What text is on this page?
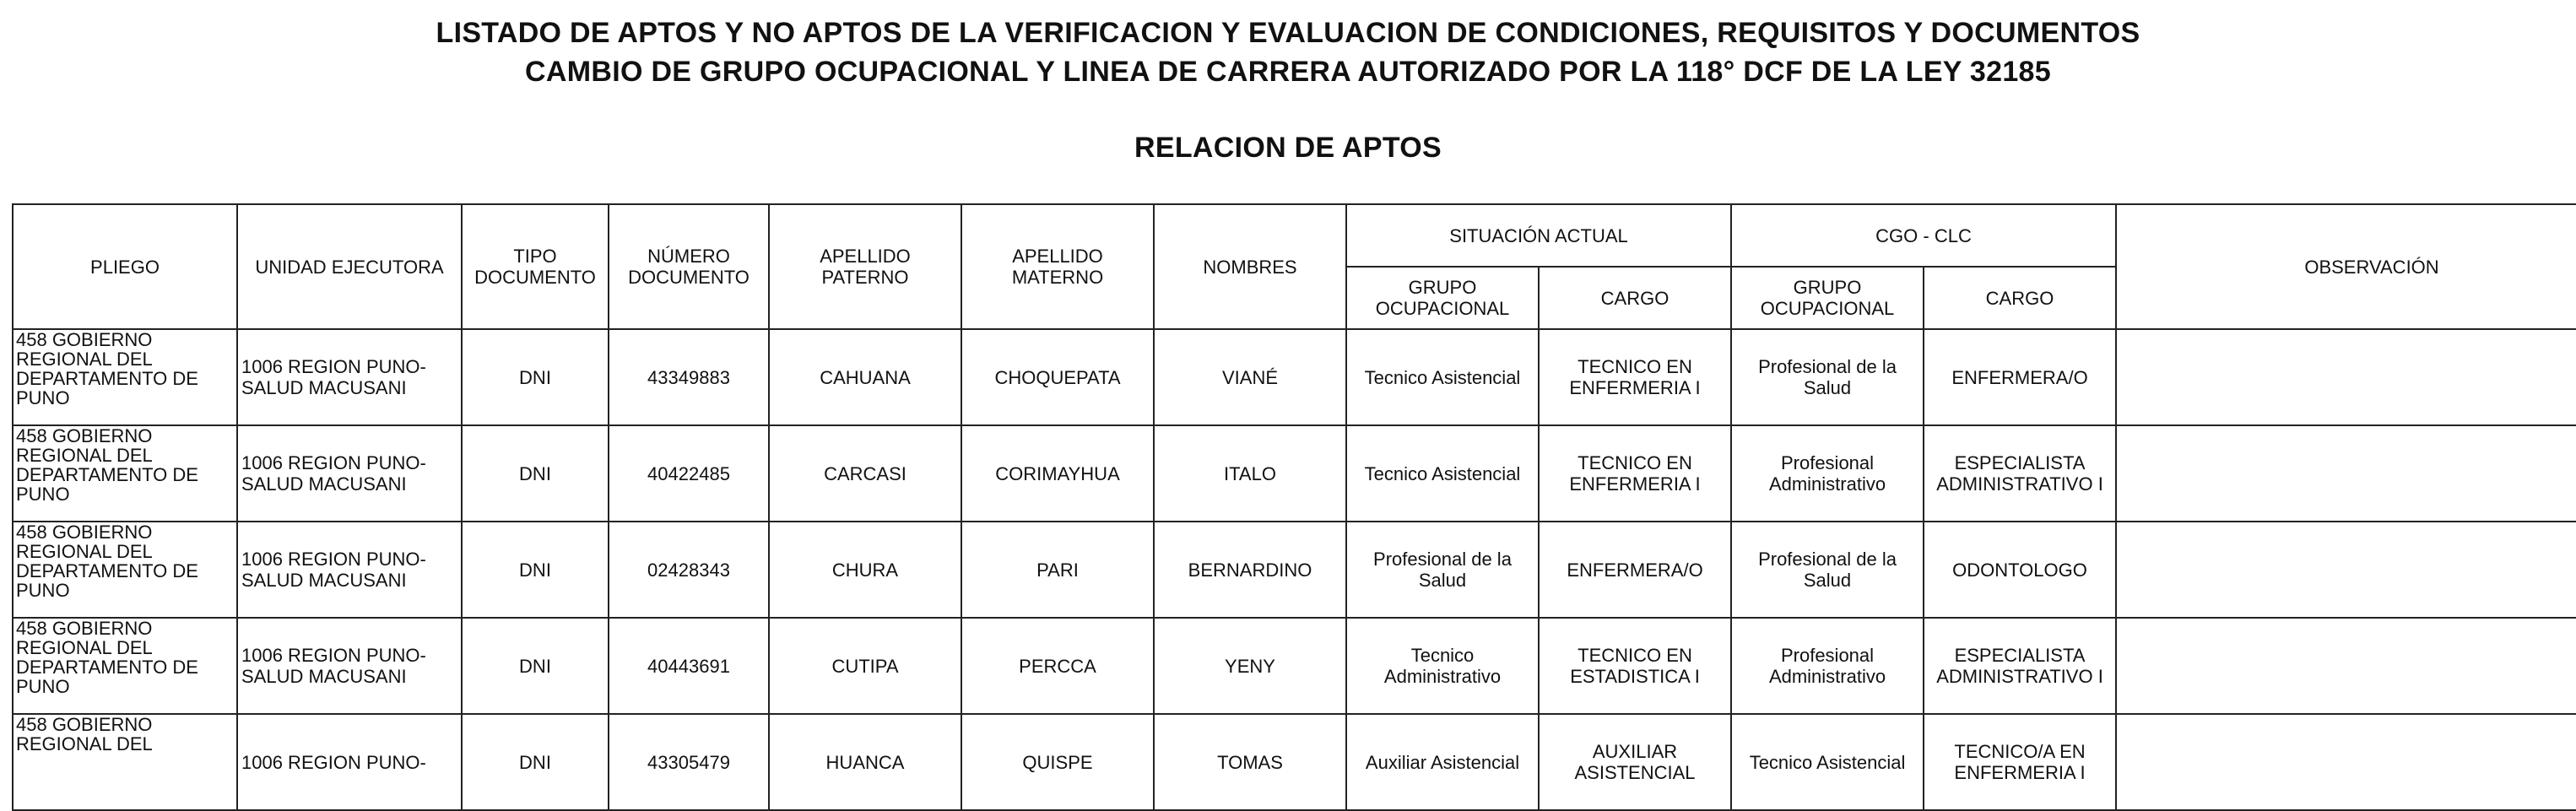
LISTADO DE APTOS Y NO APTOS DE LA VERIFICACION Y EVALUACION DE CONDICIONES, REQUISITOS Y DOCUMENTOS
CAMBIO DE GRUPO OCUPACIONAL Y LINEA DE CARRERA AUTORIZADO POR LA 118° DCF DE LA LEY 32185
RELACION DE APTOS
PLIEGO	UNIDAD EJECUTORA	TIPO DOCUMENTO	NÚMERO DOCUMENTO	APELLIDO PATERNO	APELLIDO MATERNO	NOMBRES	SITUACIÓN ACTUAL		CGO - CLC		OBSERVACIÓN
							GRUPO OCUPACIONAL	CARGO	GRUPO OCUPACIONAL	CARGO	
458 GOBIERNO REGIONAL DEL DEPARTAMENTO DE PUNO	1006 REGION PUNO-SALUD MACUSANI	DNI	43349883	CAHUANA	CHOQUEPATA	VIANÉ	Tecnico Asistencial	TECNICO EN ENFERMERIA I	Profesional de la Salud	ENFERMERA/O	
458 GOBIERNO REGIONAL DEL DEPARTAMENTO DE PUNO	1006 REGION PUNO-SALUD MACUSANI	DNI	40422485	CARCASI	CORIMAYHUA	ITALO	Tecnico Asistencial	TECNICO EN ENFERMERIA I	Profesional Administrativo	ESPECIALISTA ADMINISTRATIVO I	
458 GOBIERNO REGIONAL DEL DEPARTAMENTO DE PUNO	1006 REGION PUNO-SALUD MACUSANI	DNI	02428343	CHURA	PARI	BERNARDINO	Profesional de la Salud	ENFERMERA/O	Profesional de la Salud	ODONTOLOGO	
458 GOBIERNO REGIONAL DEL DEPARTAMENTO DE PUNO	1006 REGION PUNO-SALUD MACUSANI	DNI	40443691	CUTIPA	PERCCA	YENY	Tecnico Administrativo	TECNICO EN ESTADISTICA I	Profesional Administrativo	ESPECIALISTA ADMINISTRATIVO I	
458 GOBIERNO REGIONAL DEL	1006 REGION PUNO-	DNI	43305479	HUANCA	QUISPE	TOMAS	Auxiliar Asistencial	AUXILIAR ASISTENCIAL	Tecnico Asistencial	TECNICO/A EN ENFERMERIA I	
